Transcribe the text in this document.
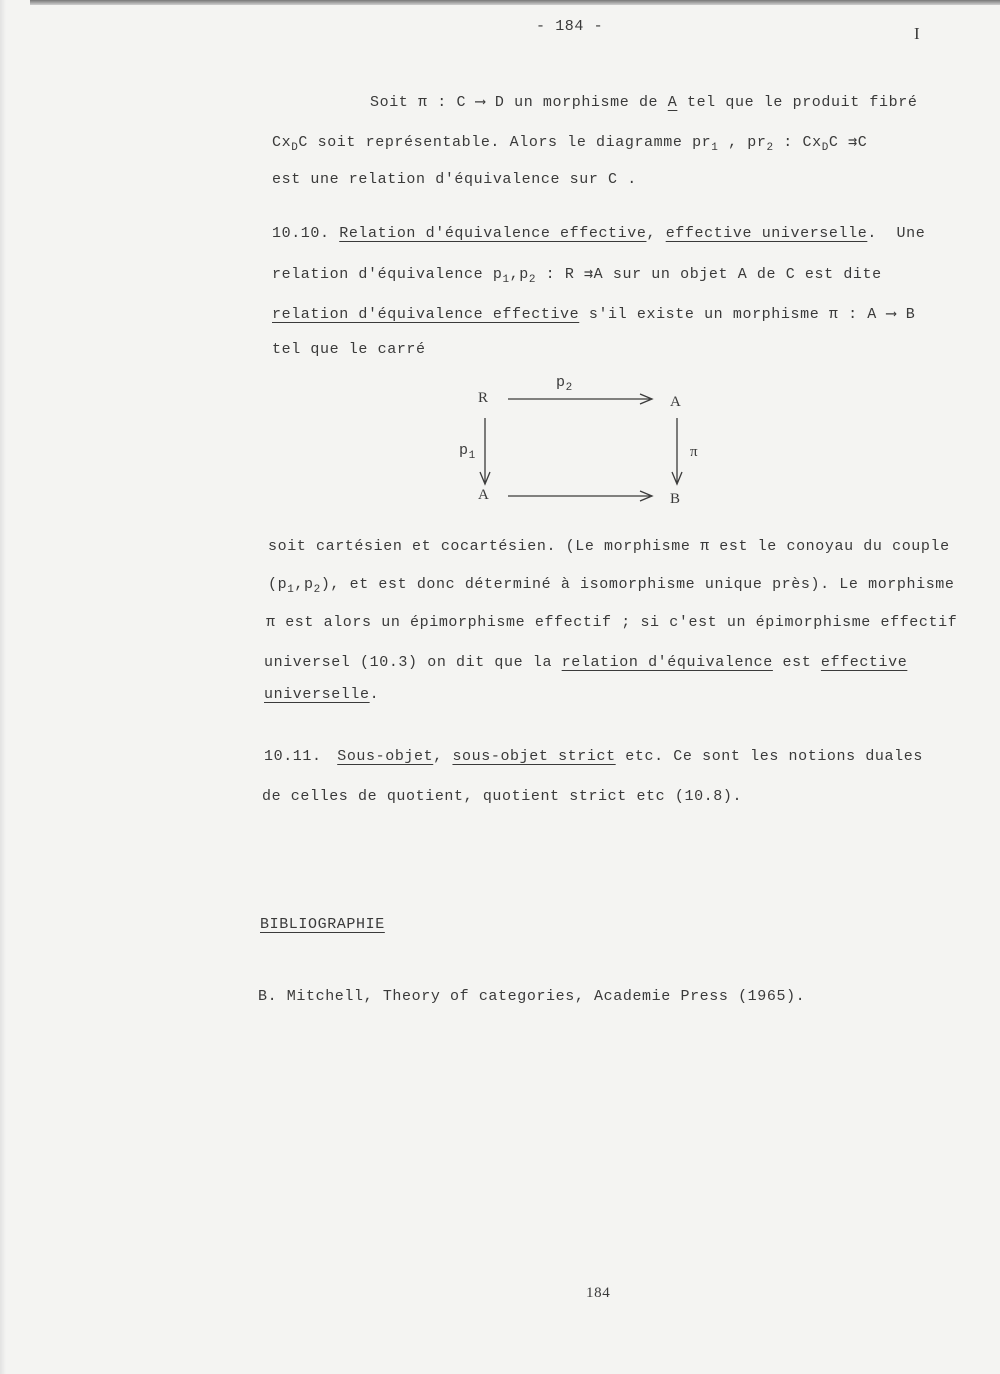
- 184 -	I
Soit π : C ⟶ D un morphisme de A tel que le produit fibré
$Cx_DC$ soit représentable. Alors le diagramme $pr_1$ , $pr_2$ : $Cx_DC$ ⇉C
est une relation d'équivalence sur C .
10.10. Relation d'équivalence effective, effective universelle. Une
relation d'équivalence $p_1,p_2$ : R ⇉A sur un objet A de C est dite
relation d'équivalence effective s'il existe un morphisme π : A ⟶ B
tel que le carré
R	A
A	B
$p_2$
$p_1$	π
soit cartésien et cocartésien. (Le morphisme π est le conoyau du couple
$(p_1,p_2)$, et est donc déterminé à isomorphisme unique près). Le morphisme
π est alors un épimorphisme effectif ; si c'est un épimorphisme effectif
universel (10.3) on dit que la relation d'équivalence est effective
universelle.
10.11. Sous-objet, sous-objet strict etc. Ce sont les notions duales
de celles de quotient, quotient strict etc (10.8).
BIBLIOGRAPHIE
B. Mitchell, Theory of categories, Academie Press (1965).
184
